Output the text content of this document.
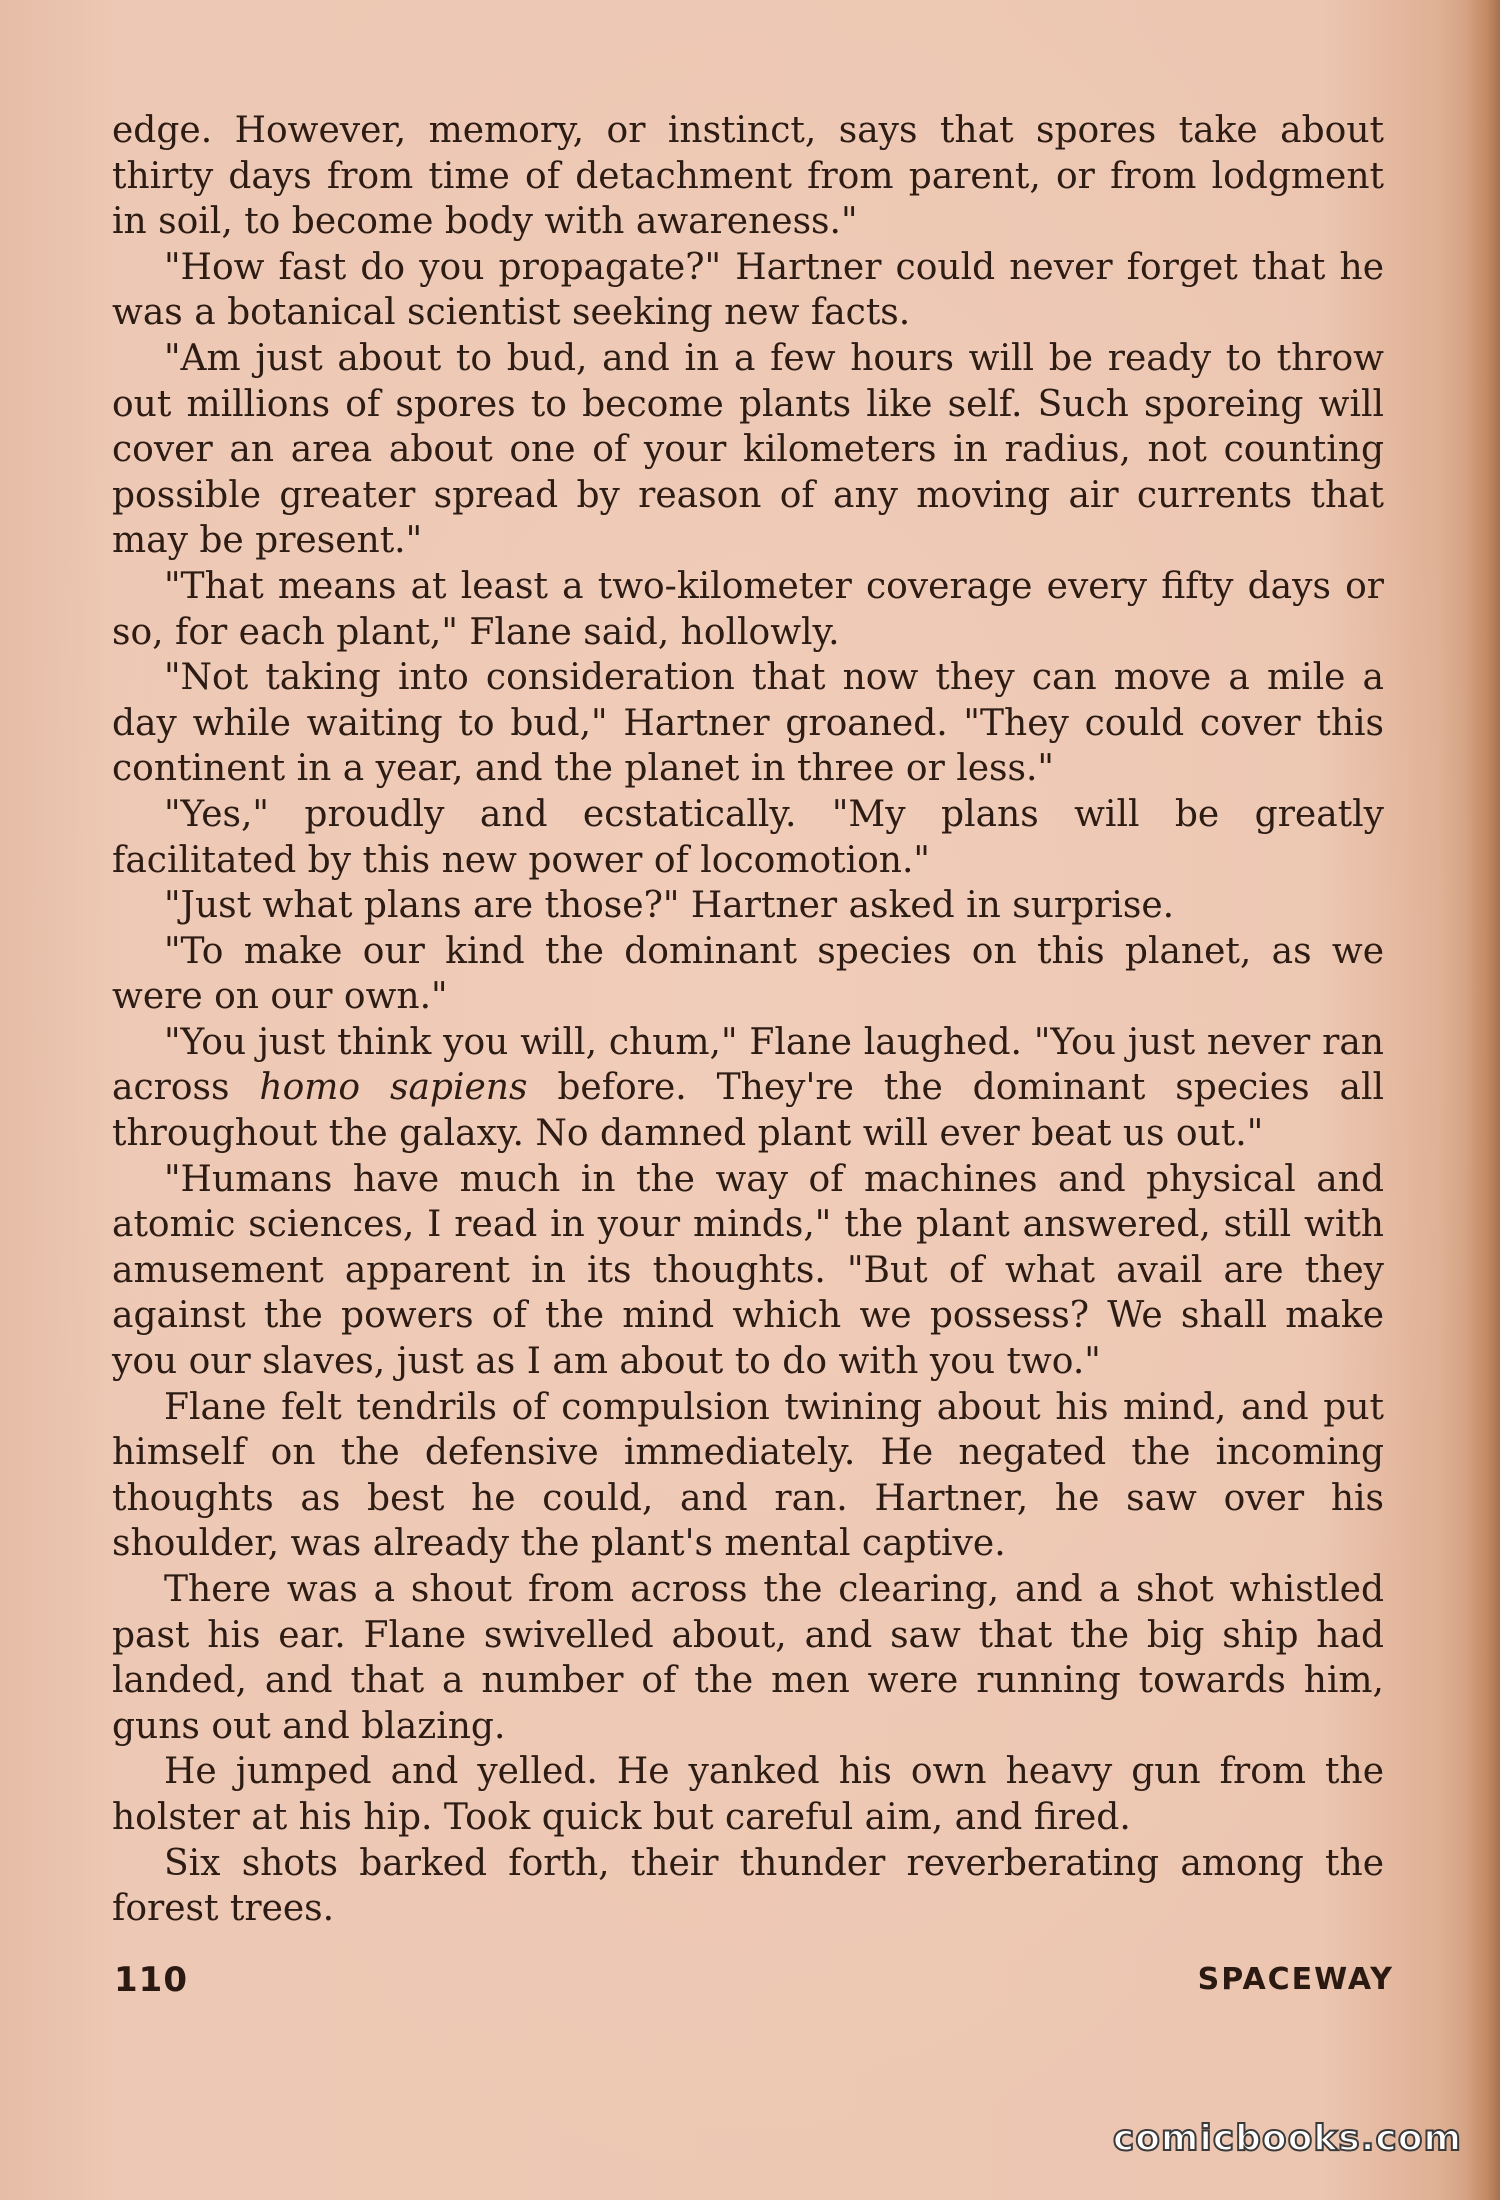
edge. However, memory, or instinct, says that spores take about thirty days from time of detachment from parent, or from lodgment in soil, to become body with awareness."

"How fast do you propagate?" Hartner could never forget that he was a botanical scientist seeking new facts.

"Am just about to bud, and in a few hours will be ready to throw out millions of spores to become plants like self. Such sporeing will cover an area about one of your kilometers in radius, not counting possible greater spread by reason of any moving air currents that may be present."

"That means at least a two-kilometer coverage every fifty days or so, for each plant," Flane said, hollowly.

"Not taking into consideration that now they can move a mile a day while waiting to bud," Hartner groaned. "They could cover this continent in a year, and the planet in three or less."

"Yes," proudly and ecstatically. "My plans will be greatly facilitated by this new power of locomotion."

"Just what plans are those?" Hartner asked in surprise.

"To make our kind the dominant species on this planet, as we were on our own."

"You just think you will, chum," Flane laughed. "You just never ran across homo sapiens before. They're the dominant species all throughout the galaxy. No damned plant will ever beat us out."

"Humans have much in the way of machines and physical and atomic sciences, I read in your minds," the plant answered, still with amusement apparent in its thoughts. "But of what avail are they against the powers of the mind which we possess? We shall make you our slaves, just as I am about to do with you two."

Flane felt tendrils of compulsion twining about his mind, and put himself on the defensive immediately. He negated the incoming thoughts as best he could, and ran. Hartner, he saw over his shoulder, was already the plant's mental captive.

There was a shout from across the clearing, and a shot whistled past his ear. Flane swivelled about, and saw that the big ship had landed, and that a number of the men were running towards him, guns out and blazing.

He jumped and yelled. He yanked his own heavy gun from the holster at his hip. Took quick but careful aim, and fired.

Six shots barked forth, their thunder reverberating among the forest trees.

110	SPACEWAY
comicbooks.com
